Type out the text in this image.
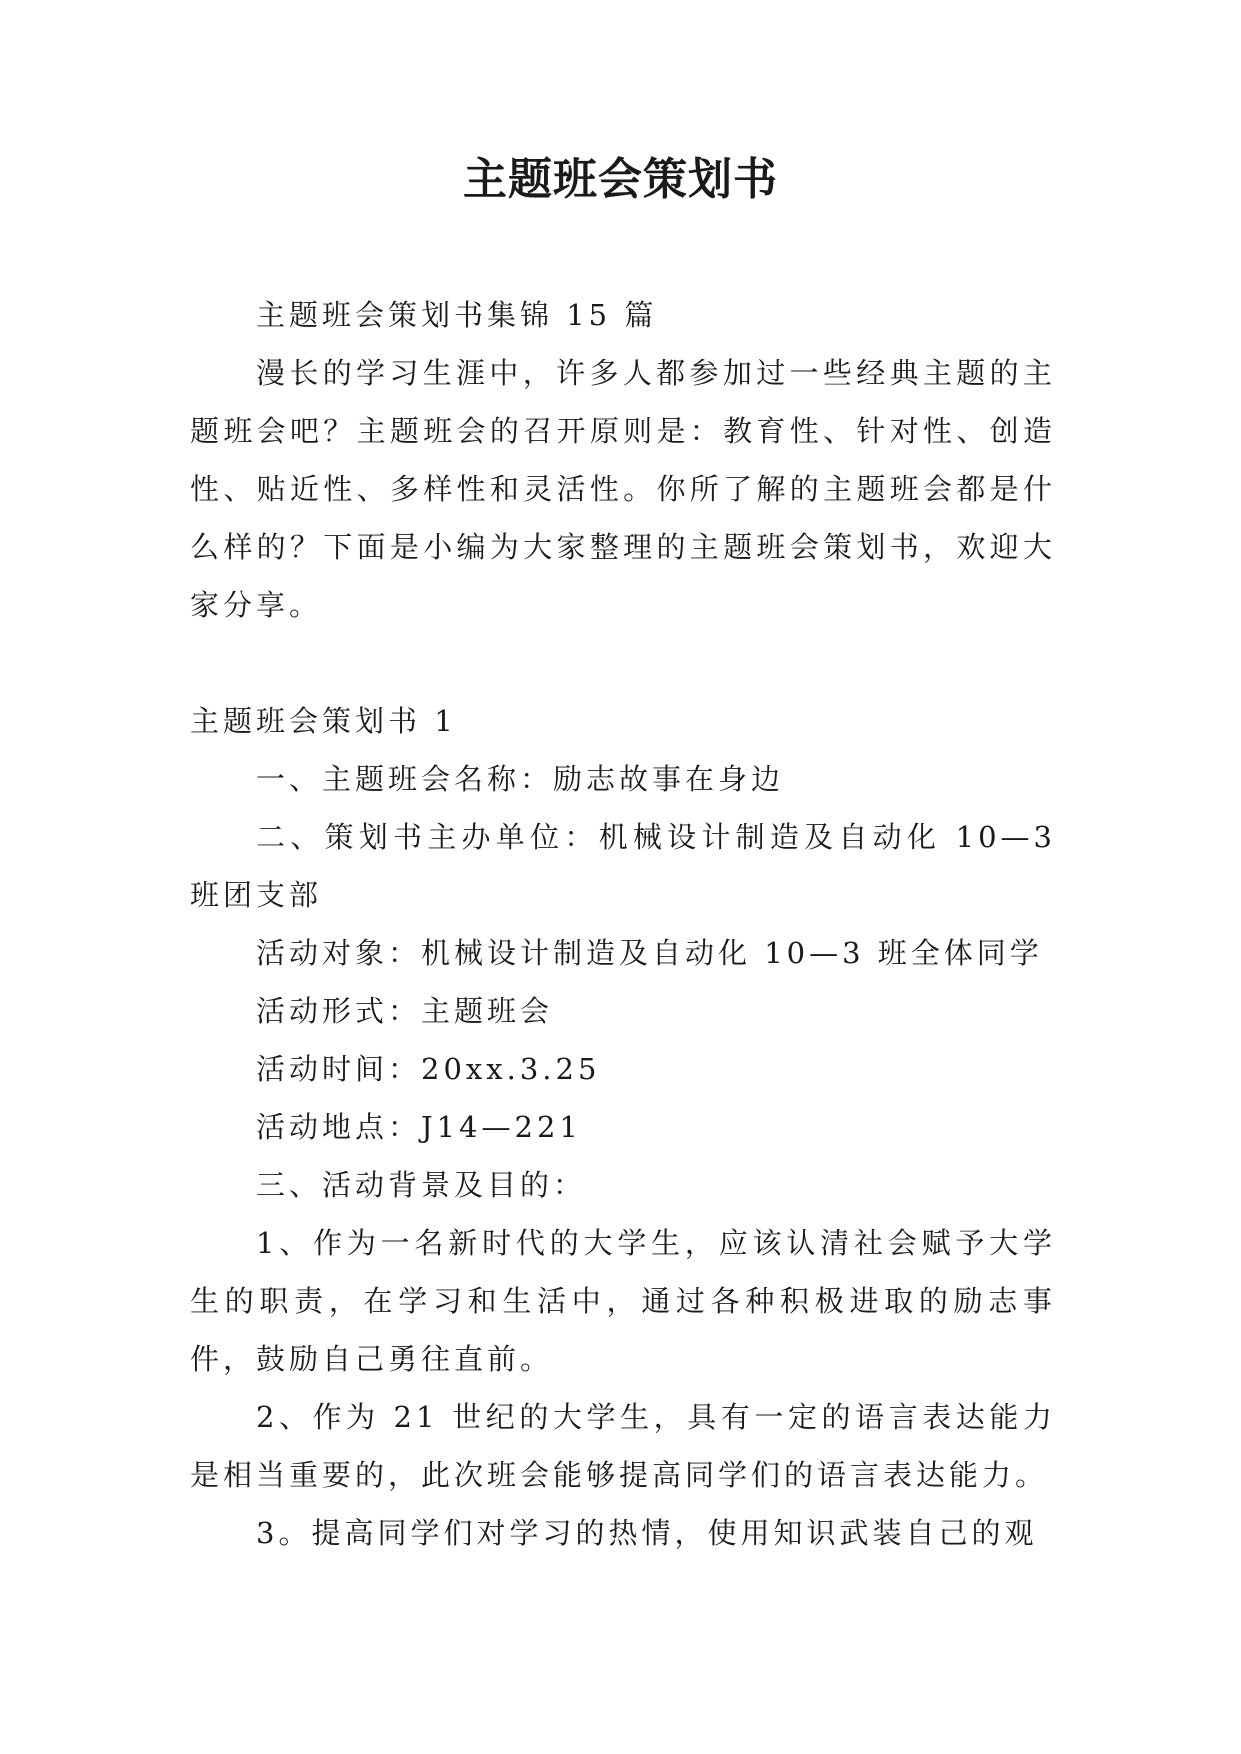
主题班会策划书

主题班会策划书集锦 15 篇

漫长的学习生涯中，许多人都参加过一些经典主题的主题班会吧？主题班会的召开原则是：教育性、针对性、创造性、贴近性、多样性和灵活性。你所了解的主题班会都是什么样的？下面是小编为大家整理的主题班会策划书，欢迎大家分享。

主题班会策划书 1

一、主题班会名称：励志故事在身边

二、策划书主办单位：机械设计制造及自动化 10—3 班团支部

活动对象：机械设计制造及自动化 10—3 班全体同学

活动形式：主题班会

活动时间：20xx.3.25

活动地点：J14—221

三、活动背景及目的：

1、作为一名新时代的大学生，应该认清社会赋予大学生的职责，在学习和生活中，通过各种积极进取的励志事件，鼓励自己勇往直前。

2、作为 21 世纪的大学生，具有一定的语言表达能力是相当重要的，此次班会能够提高同学们的语言表达能力。

3。提高同学们对学习的热情，使用知识武装自己的观
